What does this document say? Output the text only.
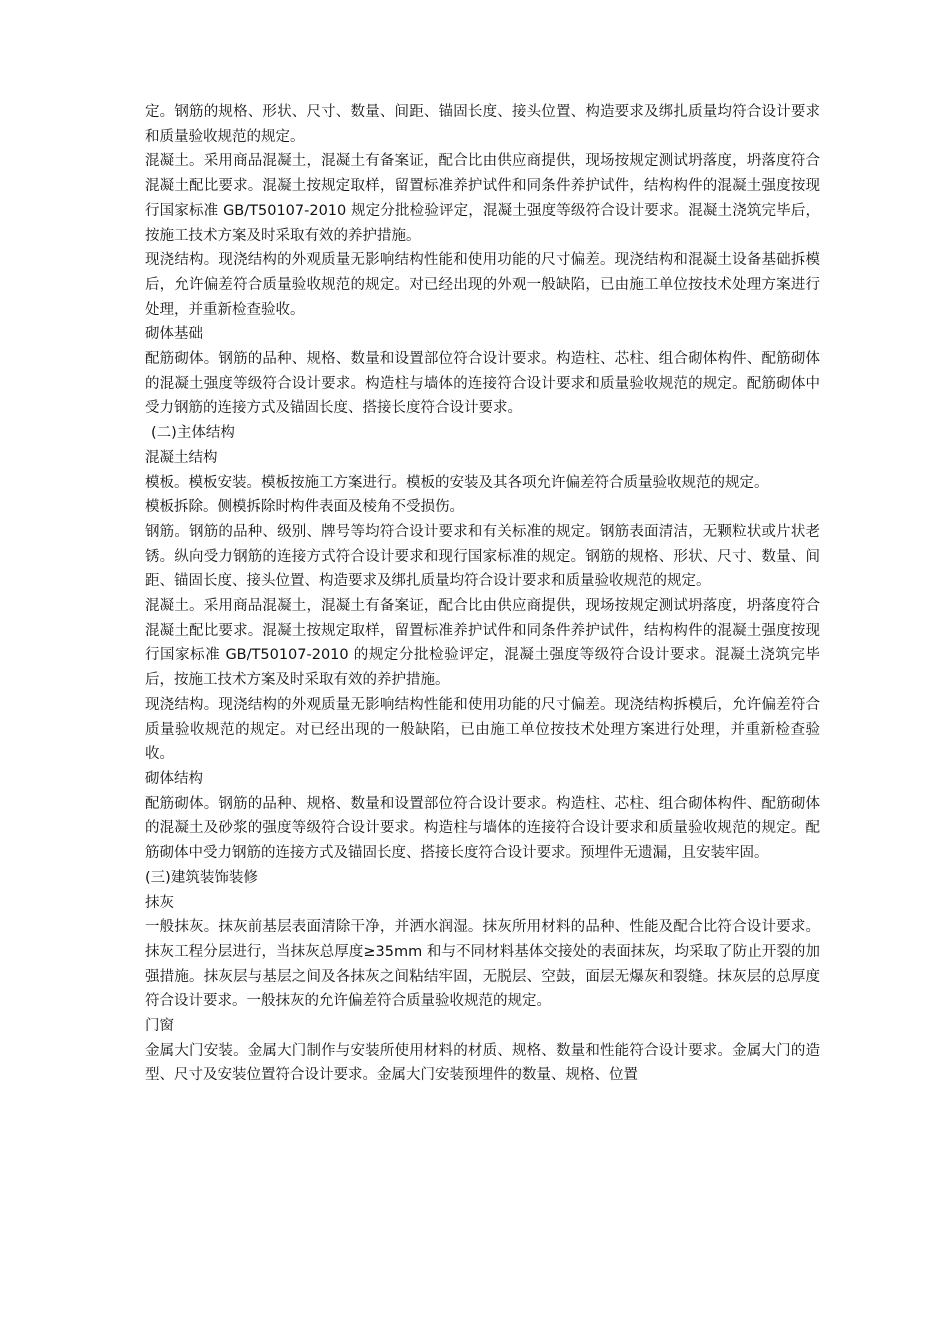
定。钢筋的规格、形状、尺寸、数量、间距、锚固长度、接头位置、构造要求及绑扎质量均符合设计要求和质量验收规范的规定。

混凝土。采用商品混凝土，混凝土有备案证，配合比由供应商提供，现场按规定测试坍落度，坍落度符合混凝土配比要求。混凝土按规定取样，留置标准养护试件和同条件养护试件，结构构件的混凝土强度按现行国家标准 GB/T50107-2010 规定分批检验评定，混凝土强度等级符合设计要求。混凝土浇筑完毕后，按施工技术方案及时采取有效的养护措施。

现浇结构。现浇结构的外观质量无影响结构性能和使用功能的尺寸偏差。现浇结构和混凝土设备基础拆模后，允许偏差符合质量验收规范的规定。对已经出现的外观一般缺陷，已由施工单位按技术处理方案进行处理，并重新检查验收。

砌体基础

配筋砌体。钢筋的品种、规格、数量和设置部位符合设计要求。构造柱、芯柱、组合砌体构件、配筋砌体的混凝土强度等级符合设计要求。构造柱与墙体的连接符合设计要求和质量验收规范的规定。配筋砌体中受力钢筋的连接方式及锚固长度、搭接长度符合设计要求。

(二)主体结构

混凝土结构

模板。模板安装。模板按施工方案进行。模板的安装及其各项允许偏差符合质量验收规范的规定。

模板拆除。侧模拆除时构件表面及棱角不受损伤。

钢筋。钢筋的品种、级别、牌号等均符合设计要求和有关标准的规定。钢筋表面清洁，无颗粒状或片状老锈。纵向受力钢筋的连接方式符合设计要求和现行国家标准的规定。钢筋的规格、形状、尺寸、数量、间距、锚固长度、接头位置、构造要求及绑扎质量均符合设计要求和质量验收规范的规定。

混凝土。采用商品混凝土，混凝土有备案证，配合比由供应商提供，现场按规定测试坍落度，坍落度符合混凝土配比要求。混凝土按规定取样，留置标准养护试件和同条件养护试件，结构构件的混凝土强度按现行国家标准 GB/T50107-2010 的规定分批检验评定，混凝土强度等级符合设计要求。混凝土浇筑完毕后，按施工技术方案及时采取有效的养护措施。

现浇结构。现浇结构的外观质量无影响结构性能和使用功能的尺寸偏差。现浇结构拆模后，允许偏差符合质量验收规范的规定。对已经出现的一般缺陷，已由施工单位按技术处理方案进行处理，并重新检查验收。

砌体结构

配筋砌体。钢筋的品种、规格、数量和设置部位符合设计要求。构造柱、芯柱、组合砌体构件、配筋砌体的混凝土及砂浆的强度等级符合设计要求。构造柱与墙体的连接符合设计要求和质量验收规范的规定。配筋砌体中受力钢筋的连接方式及锚固长度、搭接长度符合设计要求。预埋件无遗漏，且安装牢固。

(三)建筑装饰装修

抹灰

一般抹灰。抹灰前基层表面清除干净，并洒水润湿。抹灰所用材料的品种、性能及配合比符合设计要求。抹灰工程分层进行，当抹灰总厚度≥35mm 和与不同材料基体交接处的表面抹灰，均采取了防止开裂的加强措施。抹灰层与基层之间及各抹灰之间粘结牢固，无脱层、空鼓，面层无爆灰和裂缝。抹灰层的总厚度符合设计要求。一般抹灰的允许偏差符合质量验收规范的规定。

门窗

金属大门安装。金属大门制作与安装所使用材料的材质、规格、数量和性能符合设计要求。金属大门的造型、尺寸及安装位置符合设计要求。金属大门安装预埋件的数量、规格、位置
